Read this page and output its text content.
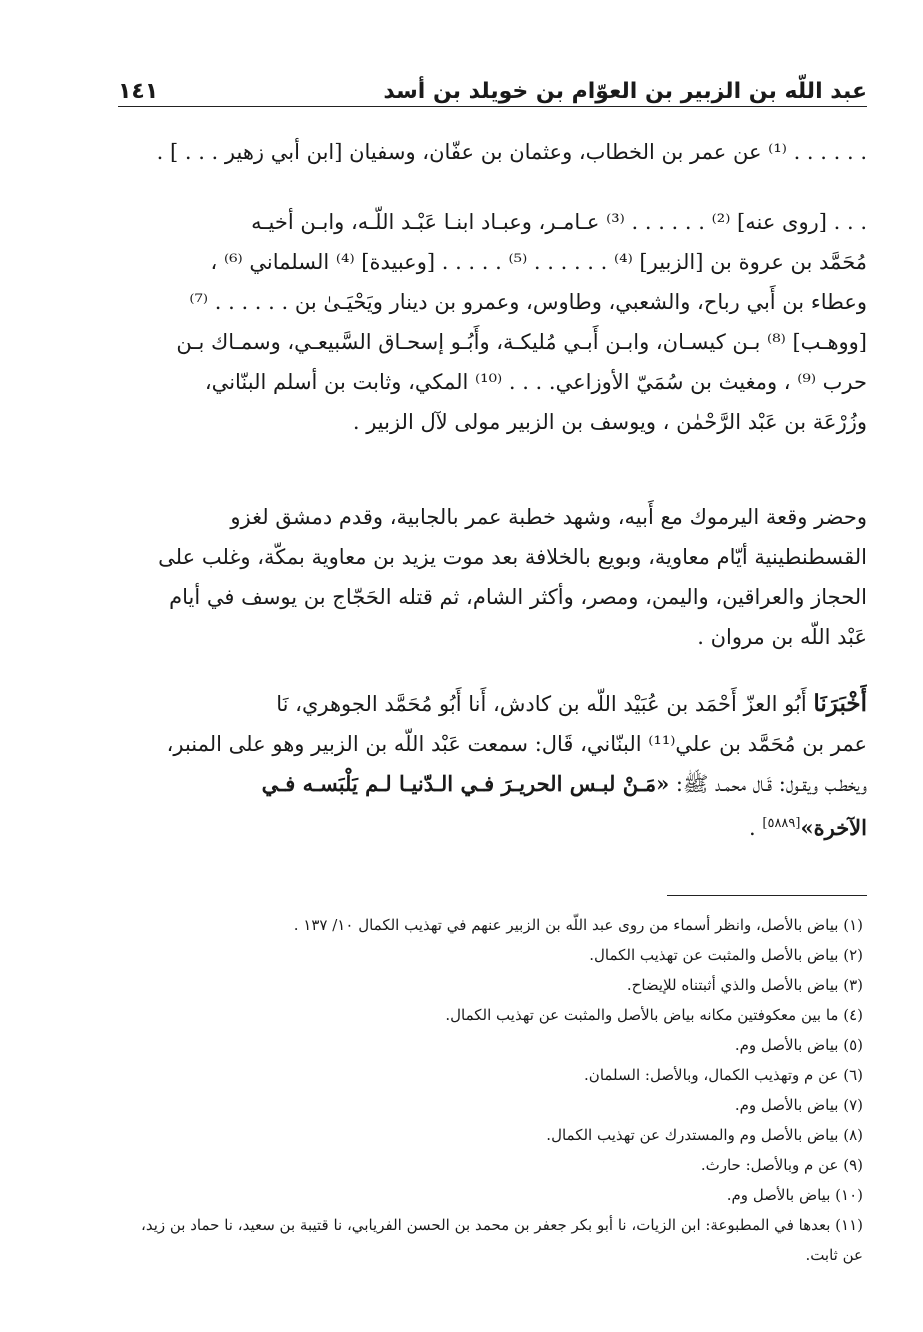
عبد اللّه بن الزبير بن العوّام بن خويلد بن أسد
١٤١
. . . . . . ⁽¹⁾ عن عمر بن الخطاب، وعثمان بن عفّان، وسفيان [ابن أبي زهير . . . ] .
. . . [روى عنه] ⁽²⁾ . . . . . . ⁽³⁾ عـامـر، وعبـاد ابنـا عَبْـد اللّـه، وابـن أخيـه
مُحَمَّد بن عروة بن [الزبير] ⁽⁴⁾ . . . . . . ⁽⁵⁾ . . . . . [وعبيدة] ⁽⁴⁾ السلماني ⁽⁶⁾ ،
وعطاء بن أَبي رباح، والشعبي، وطاوس، وعمرو بن دينار ويَحْيَـىٰ بن . . . . . . ⁽⁷⁾
[ووهـب] ⁽⁸⁾ بـن كيسـان، وابـن أَبـي مُليكـة، وأَبُـو إسحـاق السَّبيعـي، وسمـاك بـن
حرب ⁽⁹⁾ ، ومغيث بن سُمَيّ الأوزاعي. . . . ⁽¹⁰⁾ المكي، وثابت بن أسلم البنّاني،
وزُرْعَة بن عَبْد الرَّحْمٰن ، ويوسف بن الزبير مولى لآل الزبير .
وحضر وقعة اليرموك مع أَبيه، وشهد خطبة عمر بالجابية، وقدم دمشق لغزو
القسطنطينية أيّام معاوية، وبويع بالخلافة بعد موت يزيد بن معاوية بمكّة، وغلب على
الحجاز والعراقين، واليمن، ومصر، وأكثر الشام، ثم قتله الحَجّاج بن يوسف في أيام
عَبْد اللّه بن مروان .
أَخْبَرَنَا أَبُو العزّ أَحْمَد بن عُبَيْد اللّه بن كادش، أَنا أَبُو مُحَمَّد الجوهري، نَا
عمر بن مُحَمَّد بن علي⁽¹¹⁾ البنّاني، قَال: سمعت عَبْد اللّه بن الزبير وهو على المنبر،
ويخطـب ويقـول: قَـال محمـد ﷺ: «مَـنْ لبـس الحريـرَ فـي الـدّنيـا لـم يَلْبَسـه فـي
الآخرة»[٥٨٨٩] .
(١) بياض بالأصل، وانظر أسماء من روى عبد اللّه بن الزبير عنهم في تهذيب الكمال ١٠/ ١٣٧ .
(٢) بياض بالأصل والمثبت عن تهذيب الكمال.
(٣) بياض بالأصل والذي أثبتناه للإيضاح.
(٤) ما بين معكوفتين مكانه بياض بالأصل والمثبت عن تهذيب الكمال.
(٥) بياض بالأصل وم.
(٦) عن م وتهذيب الكمال، وبالأصل: السلمان.
(٧) بياض بالأصل وم.
(٨) بياض بالأصل وم والمستدرك عن تهذيب الكمال.
(٩) عن م وبالأصل: حارث.
(١٠) بياض بالأصل وم.
(١١) بعدها في المطبوعة: ابن الزيات، نا أبو بكر جعفر بن محمد بن الحسن الفريابي، نا قتيبة بن سعيد، نا حماد بن زيد، عن ثابت.
